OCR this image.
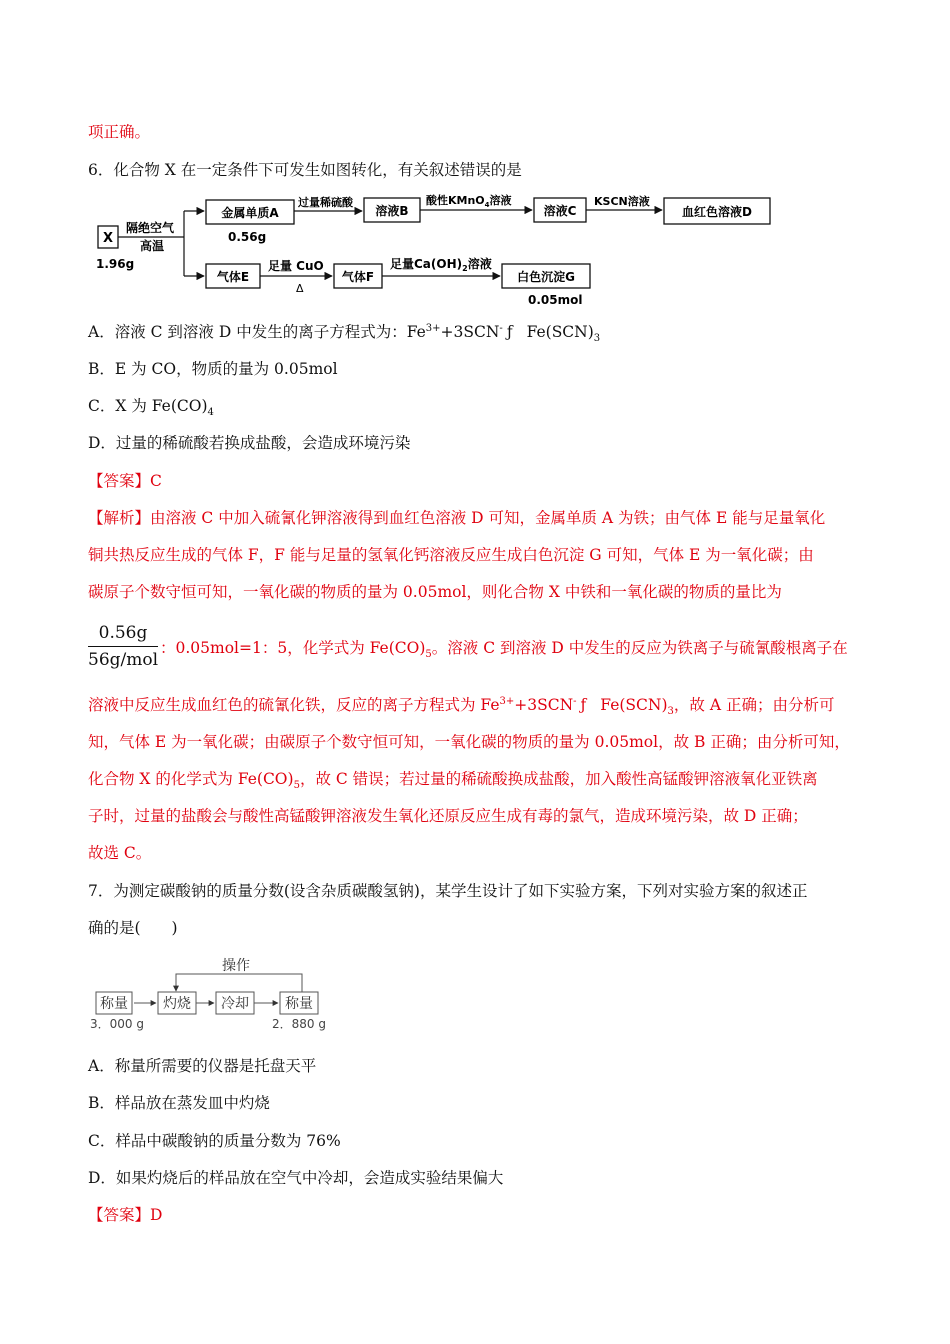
项正确。
6．化合物 X 在一定条件下可发生如图转化，有关叙述错误的是
X
1.96g
隔绝空气
高温
金属单质A
0.56g
过量稀硫酸
溶液B
酸性KMnO$_4$溶液
溶液C
KSCN溶液
血红色溶液D
气体E
足量 CuO
Δ
气体F
足量$Ca(OH)_2$溶液
白色沉淀G
0.05mol
A．溶液 C 到溶液 D 中发生的离子方程式为：$Fe^{3+}+3SCN^-$ ƒ $Fe(SCN)_3$
B．E 为 CO，物质的量为 0.05mol
C．X 为 $Fe(CO)_4$
D．过量的稀硫酸若换成盐酸，会造成环境污染
【答案】C
【解析】由溶液 C 中加入硫氰化钾溶液得到血红色溶液 D 可知，金属单质 A 为铁；由气体 E 能与足量氧化
铜共热反应生成的气体 F，F 能与足量的氢氧化钙溶液反应生成白色沉淀 G 可知，气体 E 为一氧化碳；由
碳原子个数守恒可知，一氧化碳的物质的量为 0.05mol，则化合物 X 中铁和一氧化碳的物质的量比为
0.56g
56g/mol
：0.05mol=1：5，化学式为 $Fe(CO)_5$。溶液 C 到溶液 D 中发生的反应为铁离子与硫氰酸根离子在
溶液中反应生成血红色的硫氰化铁，反应的离子方程式为 $Fe^{3+}+3SCN^-$ ƒ $Fe(SCN)_3$，故 A 正确；由分析可
知，气体 E 为一氧化碳；由碳原子个数守恒可知，一氧化碳的物质的量为 0.05mol，故 B 正确；由分析可知，
化合物 X 的化学式为 $Fe(CO)_5$，故 C 错误；若过量的稀硫酸换成盐酸，加入酸性高锰酸钾溶液氧化亚铁离
子时，过量的盐酸会与酸性高锰酸钾溶液发生氧化还原反应生成有毒的氯气，造成环境污染，故 D 正确；
故选 C。
7．为测定碳酸钠的质量分数(设含杂质碳酸氢钠)，某学生设计了如下实验方案，下列对实验方案的叙述正
确的是(　　)
操作
称量	灼烧 冷却	称量
3．000 g	2．880 g
A．称量所需要的仪器是托盘天平
B．样品放在蒸发皿中灼烧
C．样品中碳酸钠的质量分数为 76%
D．如果灼烧后的样品放在空气中冷却，会造成实验结果偏大
【答案】D
